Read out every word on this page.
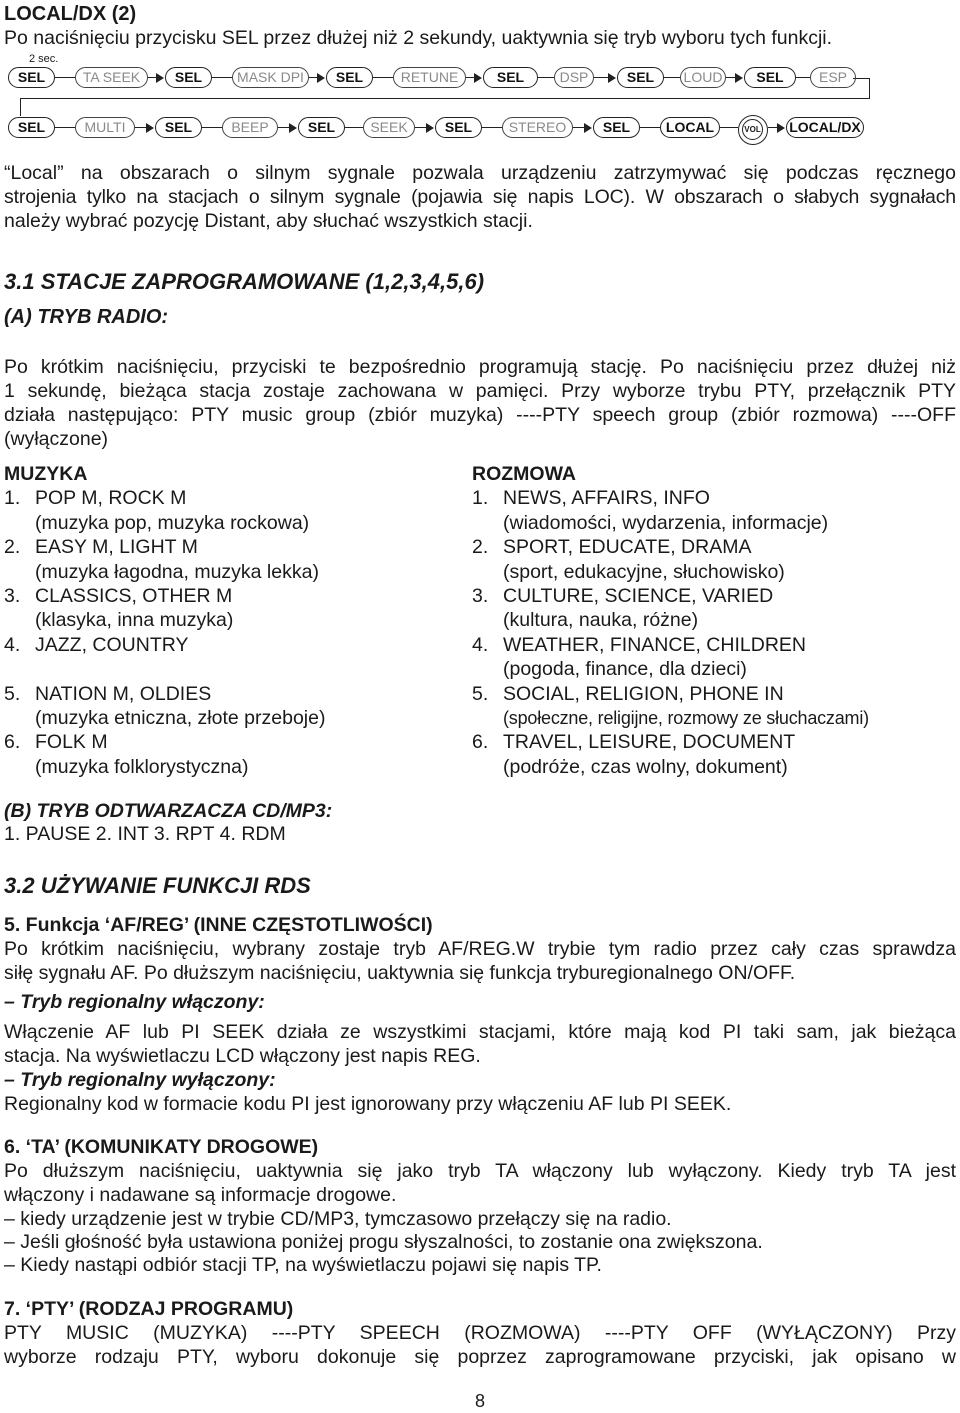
LOCAL/DX (2)
Po naciśnięciu przycisku SEL przez dłużej niż 2 sekundy, uaktywnia się tryb wyboru tych funkcji.
2 sec.
SEL	TA SEEK	SEL	MASK DPI	SEL	RETUNE	SEL	DSP	SEL	LOUD	SEL	ESP
SEL	MULTI	SEL	BEEP	SEL	SEEK	SEL	STEREO	SEL	LOCAL	VOL LOCAL/DX
“Local” na obszarach o silnym sygnale pozwala urządzeniu zatrzymywać się podczas ręcznego
strojenia tylko na stacjach o silnym sygnale (pojawia się napis LOC). W obszarach o słabych sygnałach
należy wybrać pozycję Distant, aby słuchać wszystkich stacji.
3.1 STACJE ZAPROGRAMOWANE (1,2,3,4,5,6)
(A) TRYB RADIO:
Po krótkim naciśnięciu, przyciski te bezpośrednio programują stację. Po naciśnięciu przez dłużej niż
1 sekundę, bieżąca stacja zostaje zachowana w pamięci. Przy wyborze trybu PTY, przełącznik PTY
działa następująco: PTY music group (zbiór muzyka) ----PTY speech group (zbiór rozmowa) ----OFF
(wyłączone)
MUZYKA
1. POP M, ROCK M
(muzyka pop, muzyka rockowa)
2. EASY M, LIGHT M
(muzyka łagodna, muzyka lekka)
3. CLASSICS, OTHER M
(klasyka, inna muzyka)
4. JAZZ, COUNTRY
5. NATION M, OLDIES
(muzyka etniczna, złote przeboje)
6. FOLK M
(muzyka folklorystyczna)
ROZMOWA
1. NEWS, AFFAIRS, INFO
(wiadomości, wydarzenia, informacje)
2. SPORT, EDUCATE, DRAMA
(sport, edukacyjne, słuchowisko)
3. CULTURE, SCIENCE, VARIED
(kultura, nauka, różne)
4. WEATHER, FINANCE, CHILDREN
(pogoda, finance, dla dzieci)
5. SOCIAL, RELIGION, PHONE IN
(społeczne, religijne, rozmowy ze słuchaczami)
6. TRAVEL, LEISURE, DOCUMENT
(podróże, czas wolny, dokument)
(B) TRYB ODTWARZACZA CD/MP3:
1. PAUSE 2. INT 3. RPT 4. RDM
3.2 UŻYWANIE FUNKCJI RDS
5. Funkcja ‘AF/REG’ (INNE CZĘSTOTLIWOŚCI)
Po krótkim naciśnięciu, wybrany zostaje tryb AF/REG.W trybie tym radio przez cały czas sprawdza
siłę sygnału AF. Po dłuższym naciśnięciu, uaktywnia się funkcja tryburegionalnego ON/OFF.
– Tryb regionalny włączony:
Włączenie AF lub PI SEEK działa ze wszystkimi stacjami, które mają kod PI taki sam, jak bieżąca
stacja. Na wyświetlaczu LCD włączony jest napis REG.
– Tryb regionalny wyłączony:
Regionalny kod w formacie kodu PI jest ignorowany przy włączeniu AF lub PI SEEK.
6. ‘TA’ (KOMUNIKATY DROGOWE)
Po dłuższym naciśnięciu, uaktywnia się jako tryb TA włączony lub wyłączony. Kiedy tryb TA jest
włączony i nadawane są informacje drogowe.
– kiedy urządzenie jest w trybie CD/MP3, tymczasowo przełączy się na radio.
– Jeśli głośność była ustawiona poniżej progu słyszalności, to zostanie ona zwiększona.
– Kiedy nastąpi odbiór stacji TP, na wyświetlaczu pojawi się napis TP.
7. ‘PTY’ (RODZAJ PROGRAMU)
PTY MUSIC (MUZYKA) ----PTY SPEECH (ROZMOWA) ----PTY OFF (WYŁĄCZONY) Przy
wyborze rodzaju PTY, wyboru dokonuje się poprzez zaprogramowane przyciski, jak opisano w
8
